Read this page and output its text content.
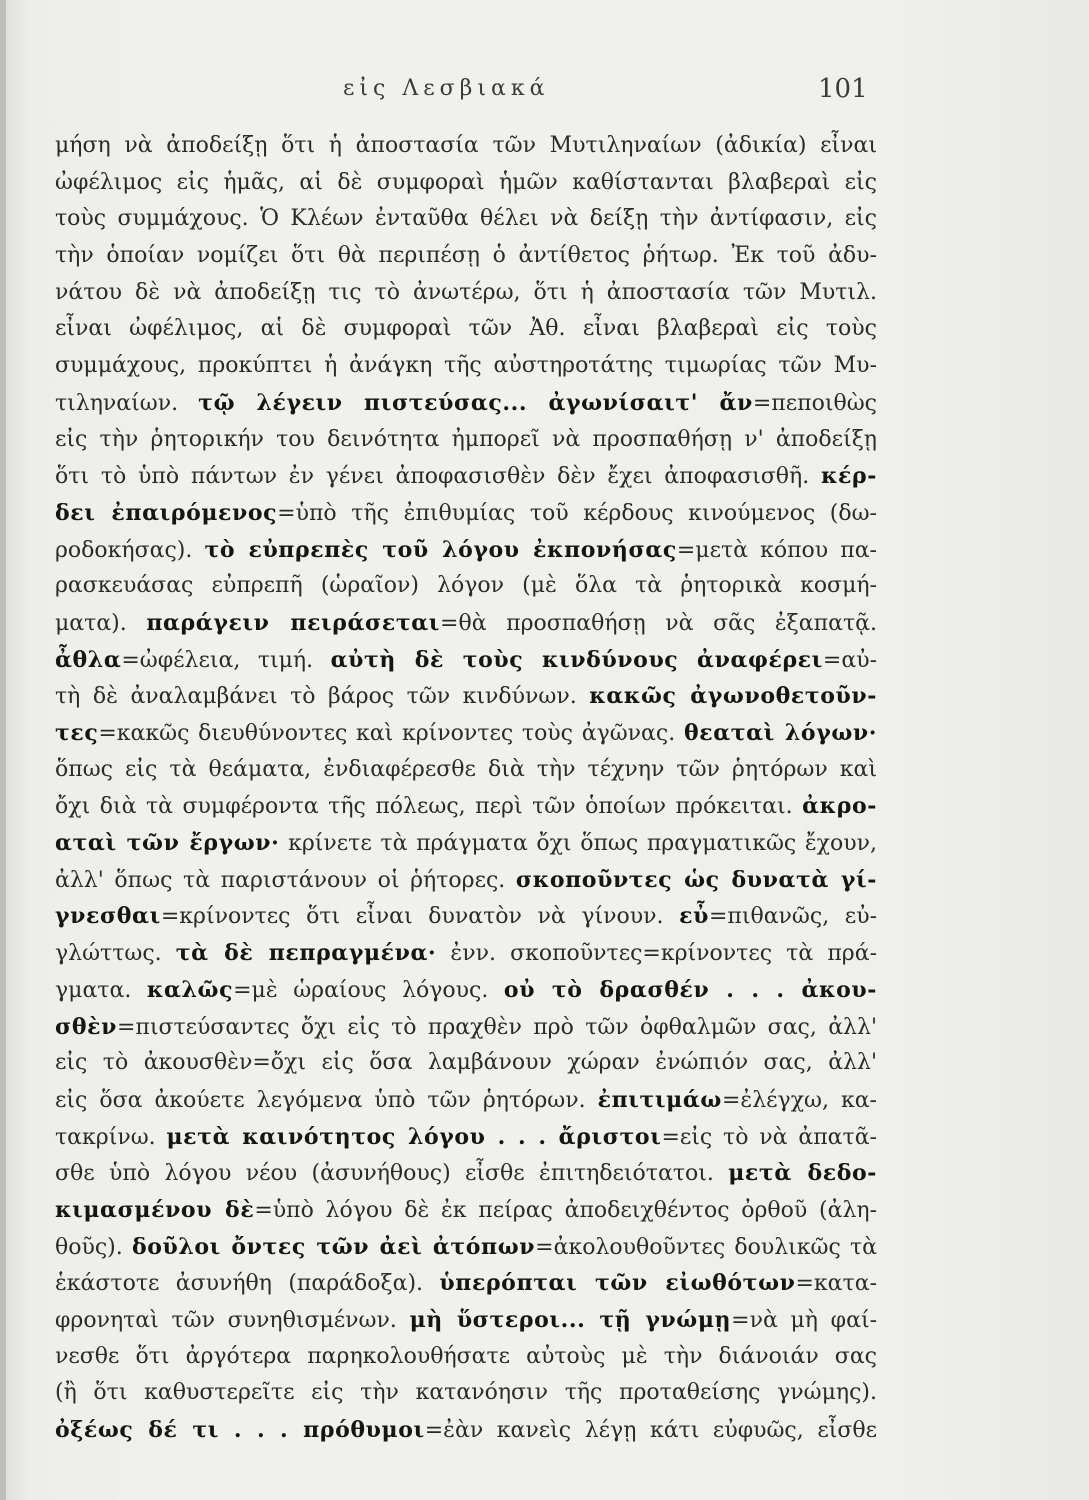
εἰς Λεσβιακά	101
μήση νὰ ἀποδείξῃ ὅτι ἡ ἀποστασία τῶν Μυτιληναίων (ἀδικία) εἶναι
ὠφέλιμος εἰς ἡμᾶς, αἱ δὲ συμφοραὶ ἡμῶν καθίστανται βλαβεραὶ εἰς
τοὺς συμμάχους. Ὁ Κλέων ἐνταῦθα θέλει νὰ δείξῃ τὴν ἀντίφασιν, εἰς
τὴν ὁποίαν νομίζει ὅτι θὰ περιπέσῃ ὁ ἀντίθετος ῥήτωρ. Ἐκ τοῦ ἀδυ-
νάτου δὲ νὰ ἀποδείξῃ τις τὸ ἀνωτέρω, ὅτι ἡ ἀποστασία τῶν Μυτιλ.
εἶναι ὠφέλιμος, αἱ δὲ συμφοραὶ τῶν Ἀθ. εἶναι βλαβεραὶ εἰς τοὺς
συμμάχους, προκύπτει ἡ ἀνάγκη τῆς αὐστηροτάτης τιμωρίας τῶν Μυ-
τιληναίων. τῷ λέγειν πιστεύσας... ἀγωνίσαιτ' ἄν=πεποιθὼς
εἰς τὴν ῥητορικήν του δεινότητα ἠμπορεῖ νὰ προσπαθήσῃ ν' ἀποδείξῃ
ὅτι τὸ ὑπὸ πάντων ἐν γένει ἀποφασισθὲν δὲν ἔχει ἀποφασισθῆ. κέρ-
δει ἐπαιρόμενος=ὑπὸ τῆς ἐπιθυμίας τοῦ κέρδους κινούμενος (δω-
ροδοκήσας). τὸ εὐπρεπὲς τοῦ λόγου ἐκπονήσας=μετὰ κόπου πα-
ρασκευάσας εὐπρεπῆ (ὡραῖον) λόγον (μὲ ὅλα τὰ ῥητορικὰ κοσμή-
ματα). παράγειν πειράσεται=θὰ προσπαθήσῃ νὰ σᾶς ἐξαπατᾷ.
ἆθλα=ὠφέλεια, τιμή. αὐτὴ δὲ τοὺς κινδύνους ἀναφέρει=αὐ-
τὴ δὲ ἀναλαμβάνει τὸ βάρος τῶν κινδύνων. κακῶς ἀγωνοθετοῦν-
τες=κακῶς διευθύνοντες καὶ κρίνοντες τοὺς ἀγῶνας. θεαταὶ λόγων·
ὅπως εἰς τὰ θεάματα, ἐνδιαφέρεσθε διὰ τὴν τέχνην τῶν ῥητόρων καὶ
ὄχι διὰ τὰ συμφέροντα τῆς πόλεως, περὶ τῶν ὁποίων πρόκειται. ἀκρο-
αταὶ τῶν ἔργων· κρίνετε τὰ πράγματα ὄχι ὅπως πραγματικῶς ἔχουν,
ἀλλ' ὅπως τὰ παριστάνουν οἱ ῥήτορες. σκοποῦντες ὡς δυνατὰ γί-
γνεσθαι=κρίνοντες ὅτι εἶναι δυνατὸν νὰ γίνουν. εὖ=πιθανῶς, εὐ-
γλώττως. τὰ δὲ πεπραγμένα· ἐνν. σκοποῦντες=κρίνοντες τὰ πρά-
γματα. καλῶς=μὲ ὡραίους λόγους. οὐ τὸ δρασθέν . . . ἀκου-
σθὲν=πιστεύσαντες ὄχι εἰς τὸ πραχθὲν πρὸ τῶν ὀφθαλμῶν σας, ἀλλ'
εἰς τὸ ἀκουσθὲν=ὄχι εἰς ὅσα λαμβάνουν χώραν ἐνώπιόν σας, ἀλλ'
εἰς ὅσα ἀκούετε λεγόμενα ὑπὸ τῶν ῥητόρων. ἐπιτιμάω=ἐλέγχω, κα-
τακρίνω. μετὰ καινότητος λόγου . . . ἄριστοι=εἰς τὸ νὰ ἀπατᾶ-
σθε ὑπὸ λόγου νέου (ἀσυνήθους) εἶσθε ἐπιτηδειότατοι. μετὰ δεδο-
κιμασμένου δὲ=ὑπὸ λόγου δὲ ἐκ πείρας ἀποδειχθέντος ὀρθοῦ (ἀλη-
θοῦς). δοῦλοι ὄντες τῶν ἀεὶ ἀτόπων=ἀκολουθοῦντες δουλικῶς τὰ
ἑκάστοτε ἀσυνήθη (παράδοξα). ὑπερόπται τῶν εἰωθότων=κατα-
φρονηταὶ τῶν συνηθισμένων. μὴ ὕστεροι... τῇ γνώμῃ=νὰ μὴ φαί-
νεσθε ὅτι ἀργότερα παρηκολουθήσατε αὐτοὺς μὲ τὴν διάνοιάν σας
(ἢ ὅτι καθυστερεῖτε εἰς τὴν κατανόησιν τῆς προταθείσης γνώμης).
ὀξέως δέ τι . . . πρόθυμοι=ἐὰν κανεὶς λέγῃ κάτι εὐφυῶς, εἶσθε
